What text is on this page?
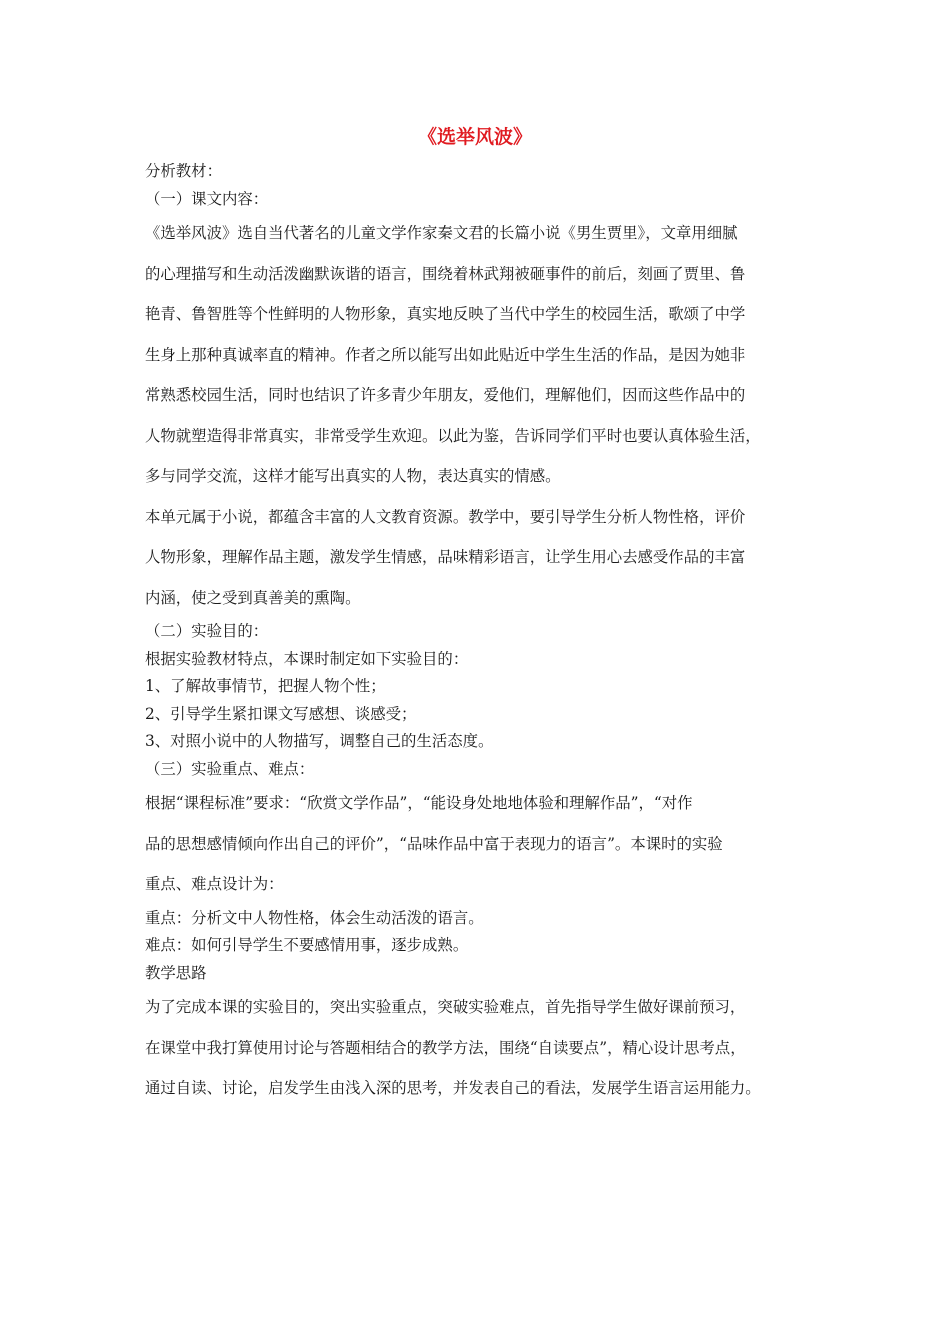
《选举风波》
分析教材：
（一）课文内容：
《选举风波》选自当代著名的儿童文学作家秦文君的长篇小说《男生贾里》，文章用细腻
的心理描写和生动活泼幽默诙谐的语言，围绕着林武翔被砸事件的前后，刻画了贾里、鲁
艳青、鲁智胜等个性鲜明的人物形象，真实地反映了当代中学生的校园生活，歌颂了中学
生身上那种真诚率直的精神。作者之所以能写出如此贴近中学生生活的作品，是因为她非
常熟悉校园生活，同时也结识了许多青少年朋友，爱他们，理解他们，因而这些作品中的
人物就塑造得非常真实，非常受学生欢迎。以此为鉴，告诉同学们平时也要认真体验生活，
多与同学交流，这样才能写出真实的人物，表达真实的情感。
本单元属于小说，都蕴含丰富的人文教育资源。教学中，要引导学生分析人物性格，评价
人物形象，理解作品主题，激发学生情感，品味精彩语言，让学生用心去感受作品的丰富
内涵，使之受到真善美的熏陶。
（二）实验目的：
根据实验教材特点，本课时制定如下实验目的：
1、了解故事情节，把握人物个性；
2、引导学生紧扣课文写感想、谈感受；
3、对照小说中的人物描写，调整自己的生活态度。
（三）实验重点、难点：
根据“课程标准”要求：“欣赏文学作品”，“能设身处地地体验和理解作品”，“对作
品的思想感情倾向作出自己的评价”，“品味作品中富于表现力的语言”。本课时的实验
重点、难点设计为：
重点：分析文中人物性格，体会生动活泼的语言。
难点：如何引导学生不要感情用事，逐步成熟。
教学思路
为了完成本课的实验目的，突出实验重点，突破实验难点，首先指导学生做好课前预习，
在课堂中我打算使用讨论与答题相结合的教学方法，围绕“自读要点”，精心设计思考点，
通过自读、讨论，启发学生由浅入深的思考，并发表自己的看法，发展学生语言运用能力。
